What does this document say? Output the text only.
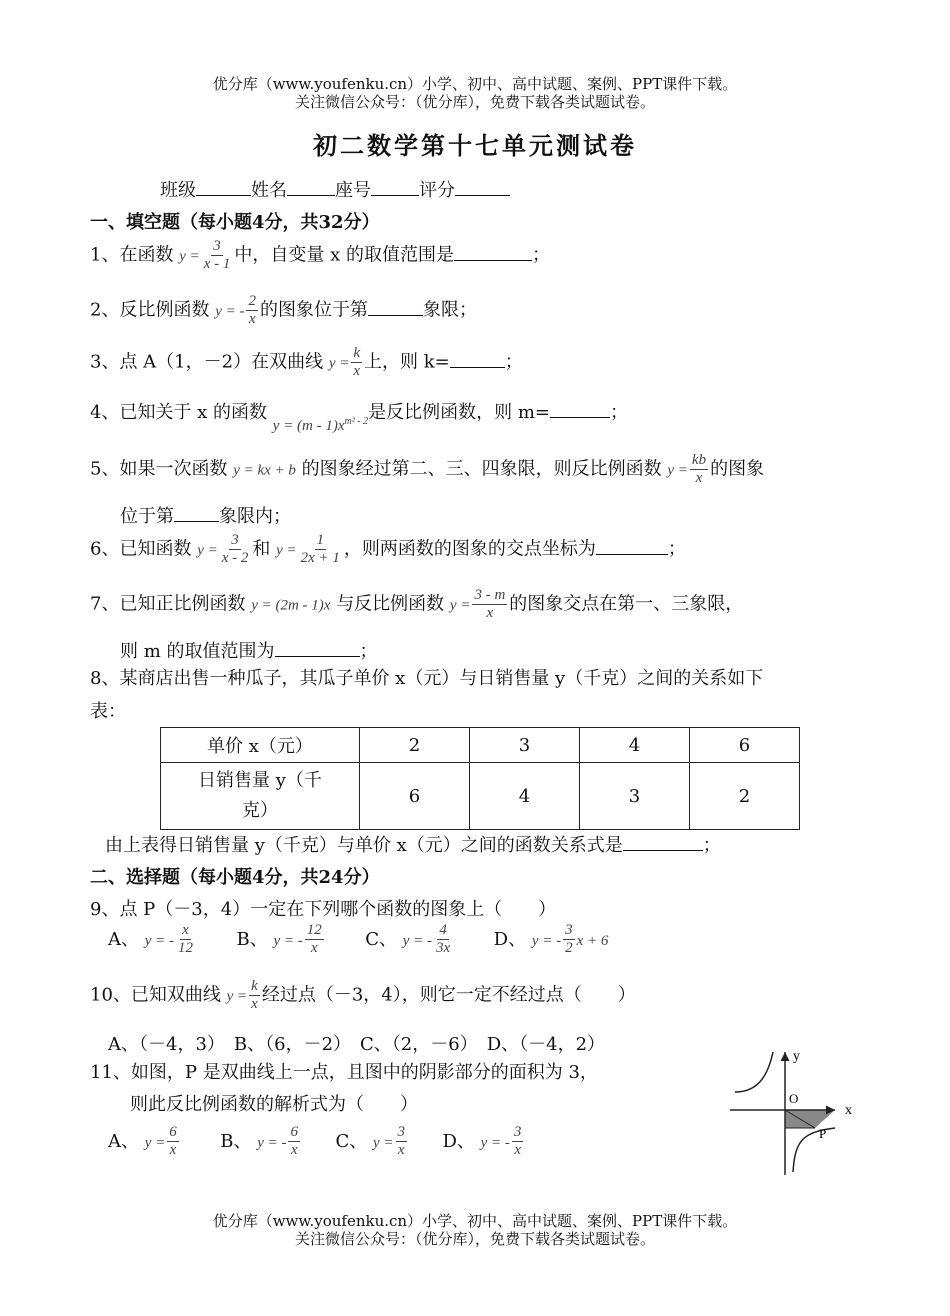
优分库（www.youfenku.cn）小学、初中、高中试题、案例、PPT课件下载。
关注微信公众号：（优分库），免费下载各类试题试卷。
初二数学第十七单元测试卷
班级	姓名	座号	评分
一、填空题（每小题4分，共32分）
1、在函数 $y = \frac{3}{x - 1}$ 中，自变量 x 的取值范围是	；
2、反比例函数 y = - $\frac{2}{x}$ 的图象位于第	象限；
3、点 A（1，－2）在双曲线 $y = \frac{k}{x}$ 上，则 k=	；
4、已知关于 x 的函数 $_{y = (m - 1)x^{m^2 - 2}}$是反比例函数，则 m=	；
5、如果一次函数 y = kx + b 的图象经过第二、三、四象限，则反比例函数 $y = \frac{kb}{x}$ 的图象
位于第	象限内；
6、已知函数 $y = \frac{3}{x - 2}$ 和 $y = \frac{1}{2x + 1}$ ，则两函数的图象的交点坐标为	；
7、已知正比例函数 y = (2m - 1)x 与反比例函数 $y = \frac{3 - m}{x}$ 的图象交点在第一、三象限，
则 m 的取值范围为	；
8、某商店出售一种瓜子，其瓜子单价 x（元）与日销售量 y（千克）之间的关系如下
表：
单价 x（元）	2	3	4	6

日销售量 y（千
克）	6	4	3	2
由上表得日销售量 y（千克）与单价 x（元）之间的函数关系式是	；
二、选择题（每小题4分，共24分）
9、点 P（－3，4）一定在下列哪个函数的图象上（　　）
A、 y = - $\frac{x}{12}$ B、 y = - $\frac{12}{x}$ C、 y = - $\frac{4}{3x}$ D、 y = - $\frac{3}{2}$ x + 6
10、已知双曲线 $y = \frac{k}{x}$ 经过点（－3，4），则它一定不经过点（　　）
A、（－4，3）　B、（6，－2）　C、（2，－6）　D、（－4，2）
11、如图，P 是双曲线上一点，且图中的阴影部分的面积为 3，
则此反比例函数的解析式为（　　）
A、 $y = \frac{6}{x}$ B、 y = - $\frac{6}{x}$ C、 $y = \frac{3}{x}$ D、 y = - $\frac{3}{x}$
y
x
O
P
优分库（www.youfenku.cn）小学、初中、高中试题、案例、PPT课件下载。
关注微信公众号：（优分库），免费下载各类试题试卷。
